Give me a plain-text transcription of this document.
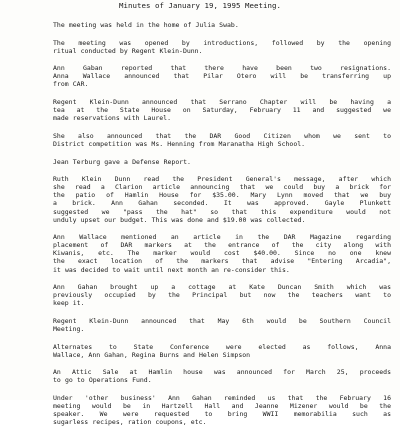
Minutes of January 19, 1995 Meeting.
The meeting was held in the home of Julia Swab.
The meeting was opened by introductions, followed by the opening
ritual conducted by Regent Klein-Dunn.
Ann Gaban reported that there have been two resignations.
Anna Wallace announced that Pilar Otero will be transferring up
from CAR.
Regent Klein-Dunn announced that Serrano Chapter will be having a
tea at the State House on Saturday, February 11 and suggested we
made reservations with Laurel.
She also announced that the DAR Good Citizen whom we sent to
District competition was Ms. Henning from Maranatha High School.
Jean Terburg gave a Defense Report.
Ruth Klein Dunn read the President General's message, after which
she read a Clarion article announcing that we could buy a brick for
the patio of Hamlin House for $35.00. Mary Lynn moved that we buy
a brick. Ann Gahan seconded. It was approved. Gayle Plunkett
suggested we "pass the hat" so that this expenditure would not
unduly upset our budget. This was done and $19.00 was collected.
Ann Wallace mentioned an article in the DAR Magazine regarding
placement of DAR markers at the entrance of the city along with
Kiwanis, etc. The marker would cost $40.00. Since no one knew
the exact location of the markers that advise "Entering Arcadia",
it was decided to wait until next month an re-consider this.
Ann Gahan brought up a cottage at Kate Duncan Smith which was
previously occupied by the Principal but now the teachers want to
keep it.
Regent Klein-Dunn announced that May 6th would be Southern Council
Meeting.
Alternates to State Conference were elected as follows, Anna
Wallace, Ann Gahan, Regina Burns and Helen Simpson
An Attic Sale at Hamlin house was announced for March 25, proceeds
to go to Operations Fund.
Under 'other business' Ann Gahan reminded us that the February 16
meeting would be in Hartzell Hall and Jeanne Mizener would be the
speaker. We were requested to bring WWII memorabilia such as
sugarless recipes, ration coupons, etc.
